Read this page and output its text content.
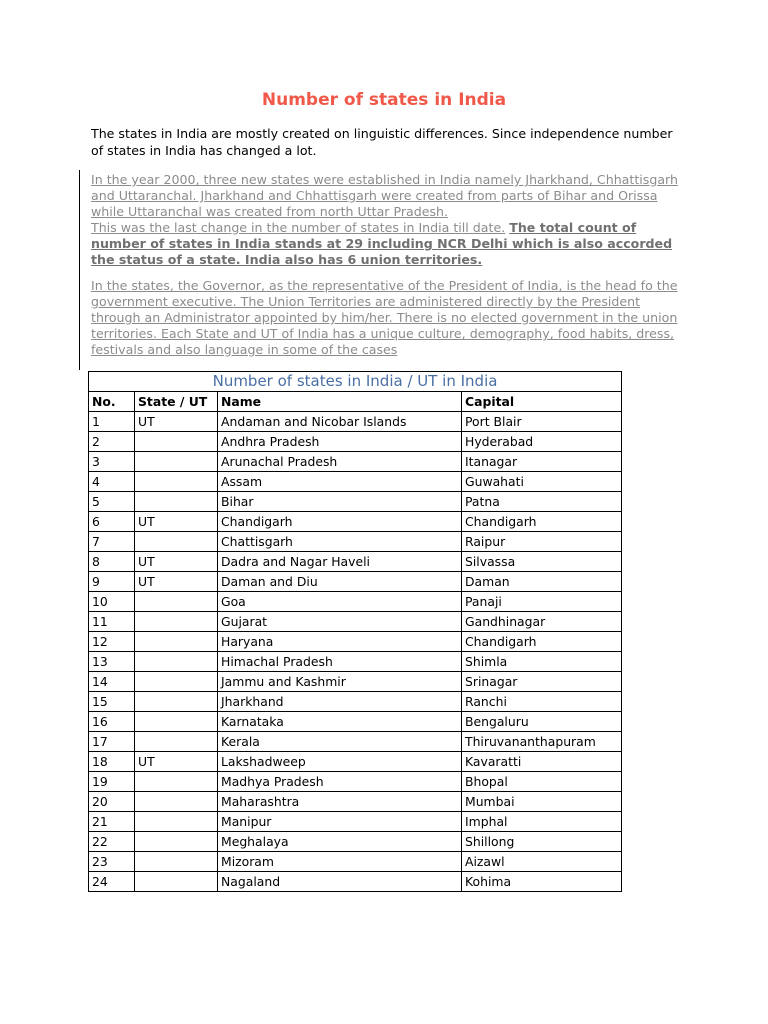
Number of states in India

The states in India are mostly created on linguistic differences. Since independence number of states in India has changed a lot.

In the year 2000, three new states were established in India namely Jharkhand, Chhattisgarh and Uttaranchal. Jharkhand and Chhattisgarh were created from parts of Bihar and Orissa while Uttaranchal was created from north Uttar Pradesh.
This was the last change in the number of states in India till date. The total count of number of states in India stands at 29 including NCR Delhi which is also accorded the status of a state. India also has 6 union territories.

In the states, the Governor, as the representative of the President of India, is the head fo the government executive. The Union Territories are administered directly by the President through an Administrator appointed by him/her. There is no elected government in the union territories. Each State and UT of India has a unique culture, demography, food habits, dress, festivals and also language in some of the cases

Number of states in India / UT in India			
No.	State / UT	Name	Capital
1	UT	Andaman and Nicobar Islands	Port Blair
2		Andhra Pradesh	Hyderabad
3		Arunachal Pradesh	Itanagar
4		Assam	Guwahati
5		Bihar	Patna
6	UT	Chandigarh	Chandigarh
7		Chattisgarh	Raipur
8	UT	Dadra and Nagar Haveli	Silvassa
9	UT	Daman and Diu	Daman
10		Goa	Panaji
11		Gujarat	Gandhinagar
12		Haryana	Chandigarh
13		Himachal Pradesh	Shimla
14		Jammu and Kashmir	Srinagar
15		Jharkhand	Ranchi
16		Karnataka	Bengaluru
17		Kerala	Thiruvananthapuram
18	UT	Lakshadweep	Kavaratti
19		Madhya Pradesh	Bhopal
20		Maharashtra	Mumbai
21		Manipur	Imphal
22		Meghalaya	Shillong
23		Mizoram	Aizawl
24		Nagaland	Kohima
